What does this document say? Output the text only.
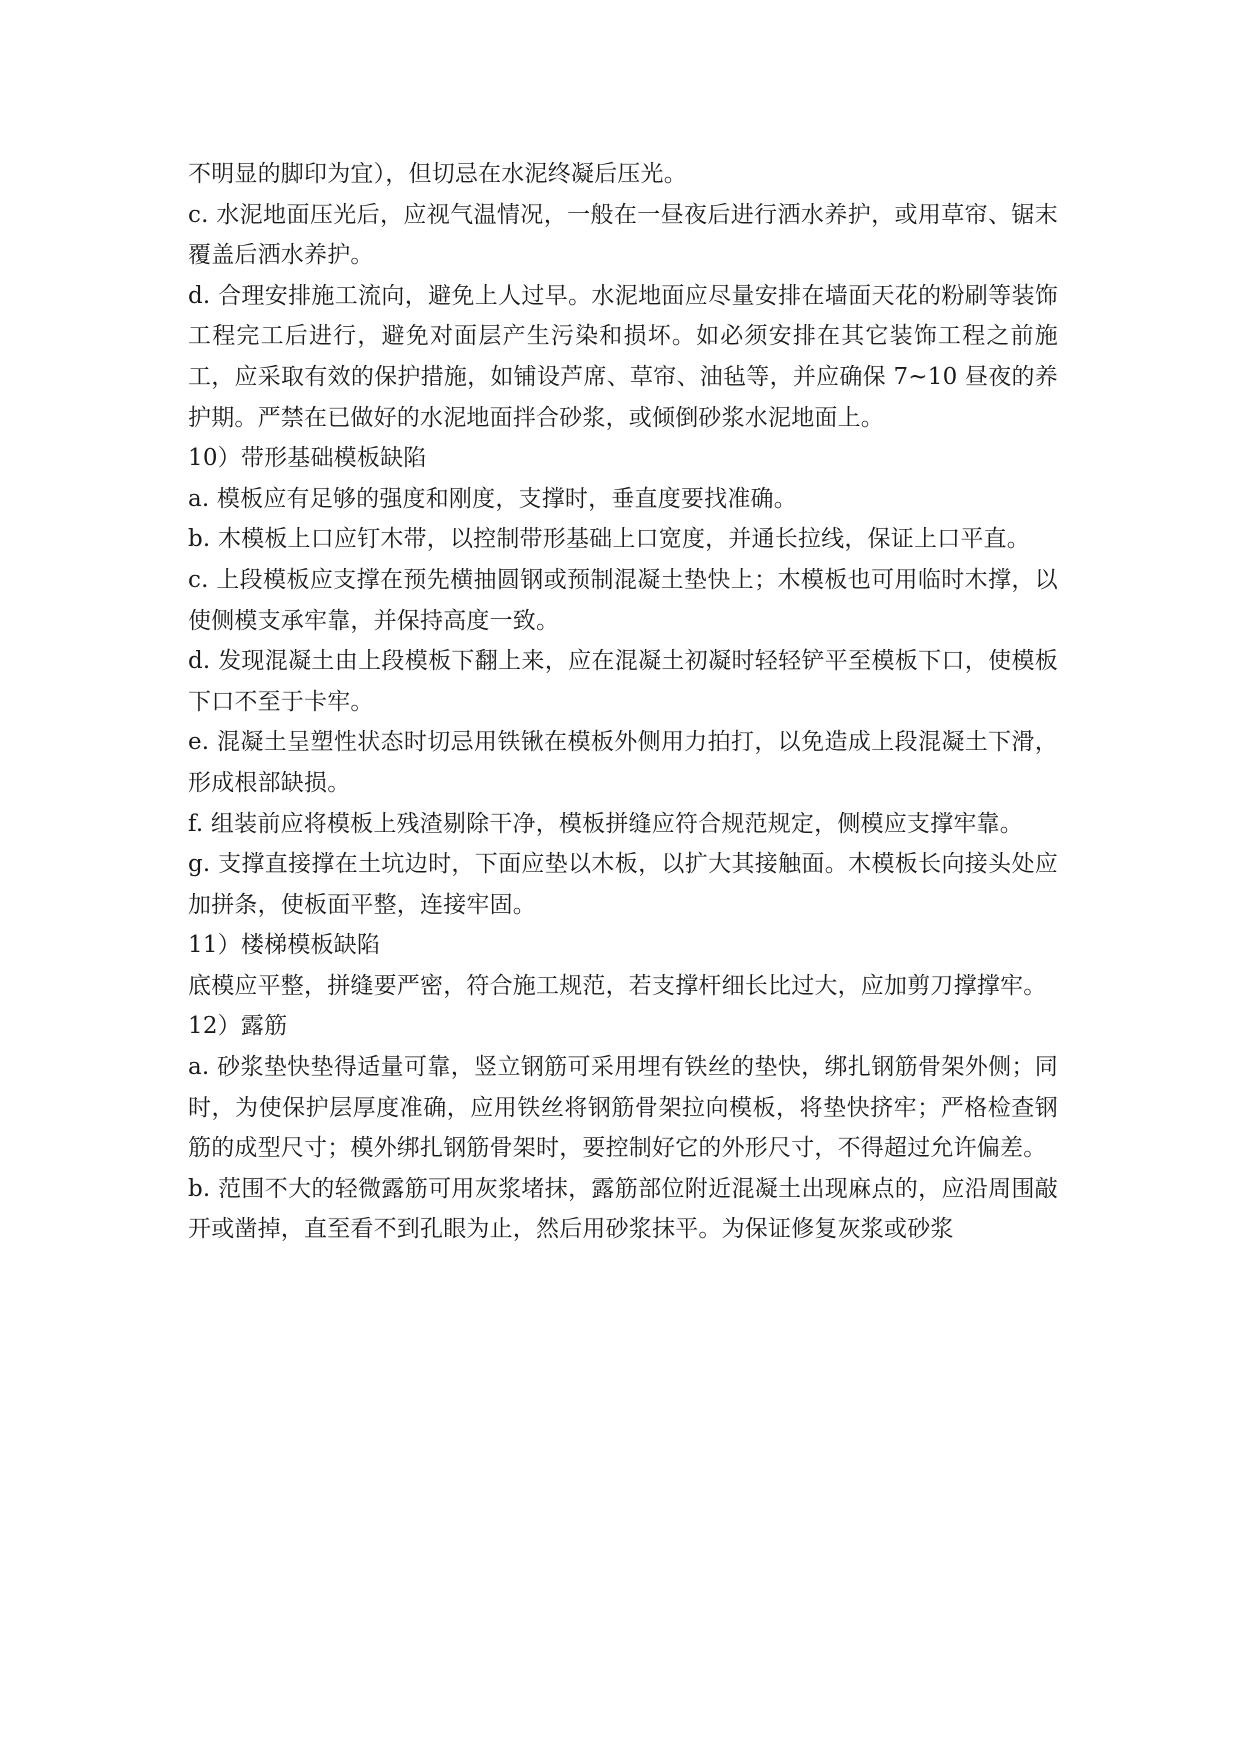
不明显的脚印为宜），但切忌在水泥终凝后压光。

c. 水泥地面压光后，应视气温情况，一般在一昼夜后进行洒水养护，或用草帘、锯末覆盖后洒水养护。

d. 合理安排施工流向，避免上人过早。水泥地面应尽量安排在墙面天花的粉刷等装饰工程完工后进行，避免对面层产生污染和损坏。如必须安排在其它装饰工程之前施工，应采取有效的保护措施，如铺设芦席、草帘、油毡等，并应确保 7~10 昼夜的养护期。严禁在已做好的水泥地面拌合砂浆，或倾倒砂浆水泥地面上。

10）带形基础模板缺陷

a. 模板应有足够的强度和刚度，支撑时，垂直度要找准确。

b. 木模板上口应钉木带，以控制带形基础上口宽度，并通长拉线，保证上口平直。

c. 上段模板应支撑在预先横抽圆钢或预制混凝土垫快上；木模板也可用临时木撑，以使侧模支承牢靠，并保持高度一致。

d. 发现混凝土由上段模板下翻上来，应在混凝土初凝时轻轻铲平至模板下口，使模板下口不至于卡牢。

e. 混凝土呈塑性状态时切忌用铁锹在模板外侧用力拍打，以免造成上段混凝土下滑，形成根部缺损。

f. 组装前应将模板上残渣剔除干净，模板拼缝应符合规范规定，侧模应支撑牢靠。

g. 支撑直接撑在土坑边时，下面应垫以木板，以扩大其接触面。木模板长向接头处应加拼条，使板面平整，连接牢固。

11）楼梯模板缺陷

底模应平整，拼缝要严密，符合施工规范，若支撑杆细长比过大，应加剪刀撑撑牢。

12）露筋

a. 砂浆垫快垫得适量可靠，竖立钢筋可采用埋有铁丝的垫快，绑扎钢筋骨架外侧；同时，为使保护层厚度准确，应用铁丝将钢筋骨架拉向模板，将垫快挤牢；严格检查钢筋的成型尺寸；模外绑扎钢筋骨架时，要控制好它的外形尺寸，不得超过允许偏差。

b. 范围不大的轻微露筋可用灰浆堵抹，露筋部位附近混凝土出现麻点的，应沿周围敲开或凿掉，直至看不到孔眼为止，然后用砂浆抹平。为保证修复灰浆或砂浆
